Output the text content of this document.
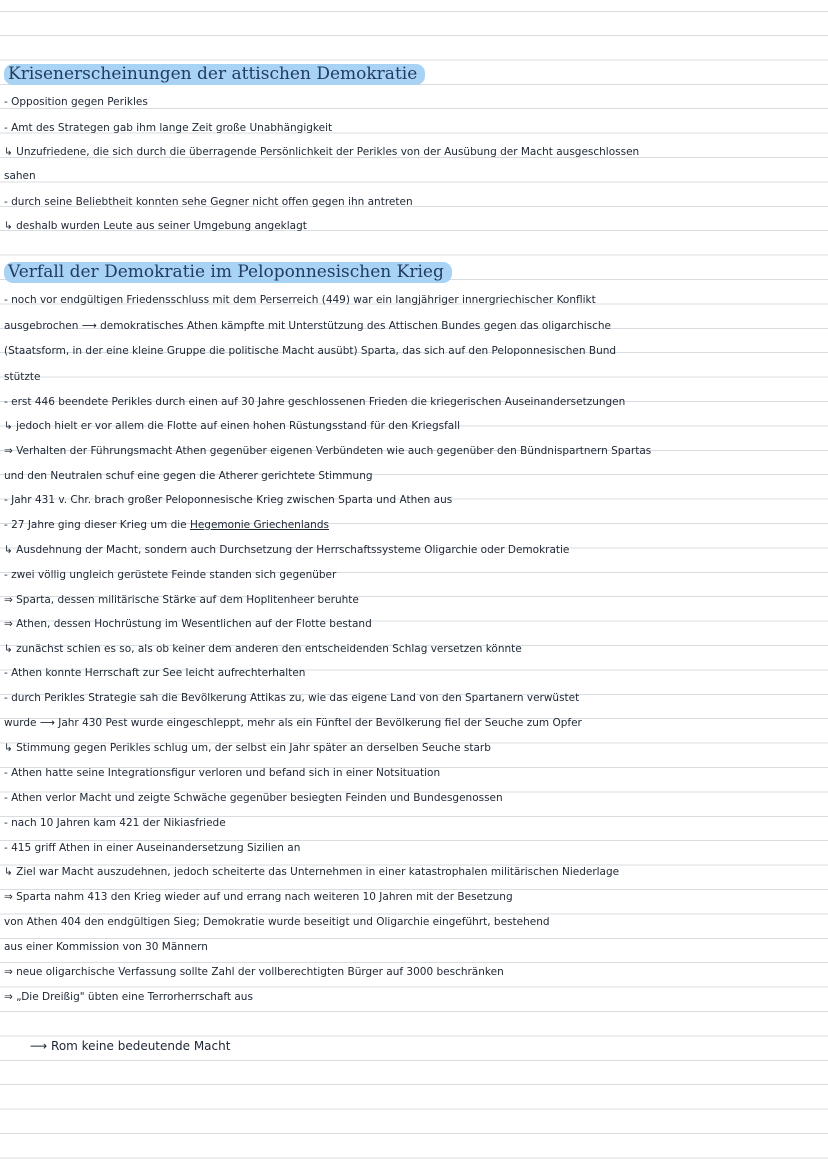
Krisenerscheinungen der attischen Demokratie

- Opposition gegen Perikles

- Amt des Strategen gab ihm lange Zeit große Unabhängigkeit

↳ Unzufriedene, die sich durch die überragende Persönlichkeit der Perikles von der Ausübung der Macht ausgeschlossen

sahen

- durch seine Beliebtheit konnten sehe Gegner nicht offen gegen ihn antreten

↳ deshalb wurden Leute aus seiner Umgebung angeklagt

Verfall der Demokratie im Peloponnesischen Krieg

- noch vor endgültigen Friedensschluss mit dem Perserreich (449) war ein langjähriger innergriechischer Konflikt

ausgebrochen ⟶ demokratisches Athen kämpfte mit Unterstützung des Attischen Bundes gegen das oligarchische

(Staatsform, in der eine kleine Gruppe die politische Macht ausübt) Sparta, das sich auf den Peloponnesischen Bund

stützte

- erst 446 beendete Perikles durch einen auf 30 Jahre geschlossenen Frieden die kriegerischen Auseinandersetzungen

↳ jedoch hielt er vor allem die Flotte auf einen hohen Rüstungsstand für den Kriegsfall

⇒ Verhalten der Führungsmacht Athen gegenüber eigenen Verbündeten wie auch gegenüber den Bündnispartnern Spartas

und den Neutralen schuf eine gegen die Atherer gerichtete Stimmung

- Jahr 431 v. Chr. brach großer Peloponnesische Krieg zwischen Sparta und Athen aus

- 27 Jahre ging dieser Krieg um die Hegemonie Griechenlands

↳ Ausdehnung der Macht, sondern auch Durchsetzung der Herrschaftssysteme Oligarchie oder Demokratie

- zwei völlig ungleich gerüstete Feinde standen sich gegenüber

⇒ Sparta, dessen militärische Stärke auf dem Hoplitenheer beruhte

⇒ Athen, dessen Hochrüstung im Wesentlichen auf der Flotte bestand

↳ zunächst schien es so, als ob keiner dem anderen den entscheidenden Schlag versetzen könnte

- Athen konnte Herrschaft zur See leicht aufrechterhalten

- durch Perikles Strategie sah die Bevölkerung Attikas zu, wie das eigene Land von den Spartanern verwüstet

wurde ⟶ Jahr 430 Pest wurde eingeschleppt, mehr als ein Fünftel der Bevölkerung fiel der Seuche zum Opfer

↳ Stimmung gegen Perikles schlug um, der selbst ein Jahr später an derselben Seuche starb

- Athen hatte seine Integrationsfigur verloren und befand sich in einer Notsituation

- Athen verlor Macht und zeigte Schwäche gegenüber besiegten Feinden und Bundesgenossen

- nach 10 Jahren kam 421 der Nikiasfriede

- 415 griff Athen in einer Auseinandersetzung Sizilien an

↳ Ziel war Macht auszudehnen, jedoch scheiterte das Unternehmen in einer katastrophalen militärischen Niederlage

⇒ Sparta nahm 413 den Krieg wieder auf und errang nach weiteren 10 Jahren mit der Besetzung

von Athen 404 den endgültigen Sieg; Demokratie wurde beseitigt und Oligarchie eingeführt, bestehend

aus einer Kommission von 30 Männern

⇒ neue oligarchische Verfassung sollte Zahl der vollberechtigten Bürger auf 3000 beschränken

⇒ „Die Dreißig" übten eine Terrorherrschaft aus

⟶ Rom keine bedeutende Macht
